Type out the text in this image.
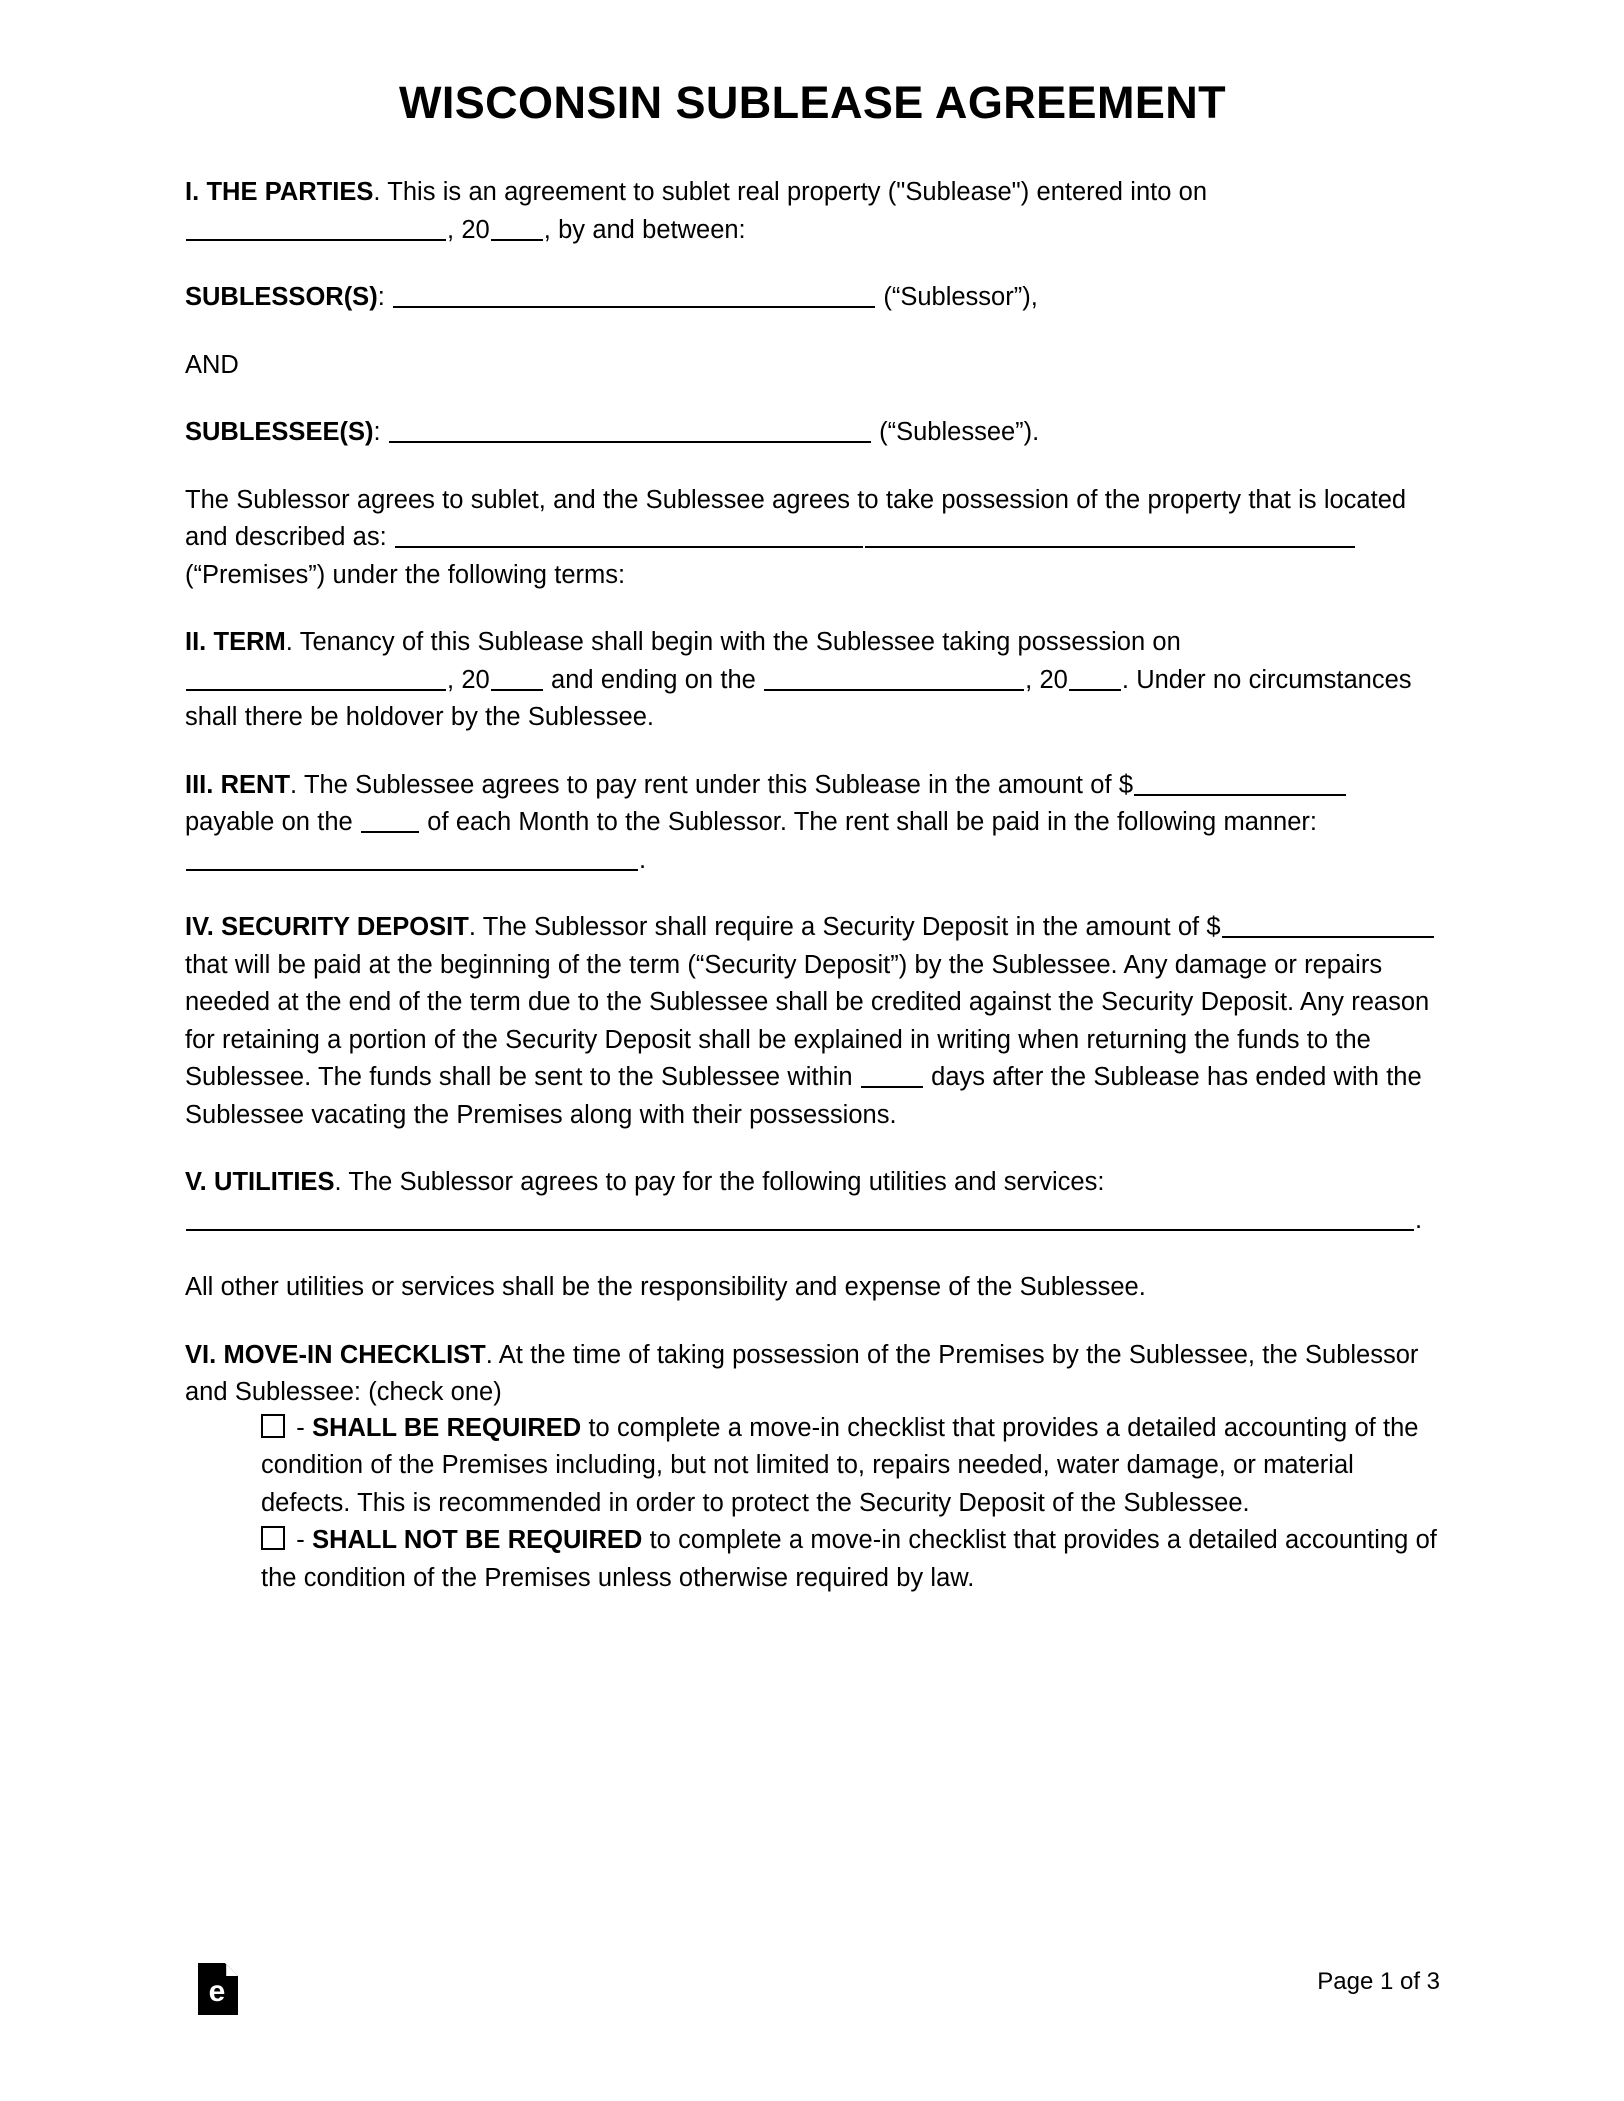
WISCONSIN SUBLEASE AGREEMENT

I. THE PARTIES. This is an agreement to sublet real property ("Sublease") entered into on , 20 , by and between:

SUBLESSOR(S):	(“Sublessor”),

AND

SUBLESSEE(S):	(“Sublessee”).

The Sublessor agrees to sublet, and the Sublessee agrees to take possession of the property that is located and described as:  (“Premises”) under the following terms:

II. TERM. Tenancy of this Sublease shall begin with the Sublessee taking possession on , 20 and ending on the	, 20 . Under no circumstances shall there be holdover by the Sublessee.

III. RENT. The Sublessee agrees to pay rent under this Sublease in the amount of $ payable on the  of each Month to the Sublessor. The rent shall be paid in the following manner: .

IV. SECURITY DEPOSIT. The Sublessor shall require a Security Deposit in the amount of $ that will be paid at the beginning of the term (“Security Deposit”) by the Sublessee. Any damage or repairs needed at the end of the term due to the Sublessee shall be credited against the Security Deposit. Any reason for retaining a portion of the Security Deposit shall be explained in writing when returning the funds to the Sublessee. The funds shall be sent to the Sublessee within	days after the Sublease has ended with the Sublessee vacating the Premises along with their possessions.

V. UTILITIES. The Sublessor agrees to pay for the following utilities and services: .

All other utilities or services shall be the responsibility and expense of the Sublessee.

VI. MOVE-IN CHECKLIST. At the time of taking possession of the Premises by the Sublessee, the Sublessor and Sublessee: (check one)

- SHALL BE REQUIRED to complete a move-in checklist that provides a detailed accounting of the condition of the Premises including, but not limited to, repairs needed, water damage, or material defects. This is recommended in order to protect the Security Deposit of the Sublessee.

- SHALL NOT BE REQUIRED to complete a move-in checklist that provides a detailed accounting of the condition of the Premises unless otherwise required by law.

e	Page 1 of 3
